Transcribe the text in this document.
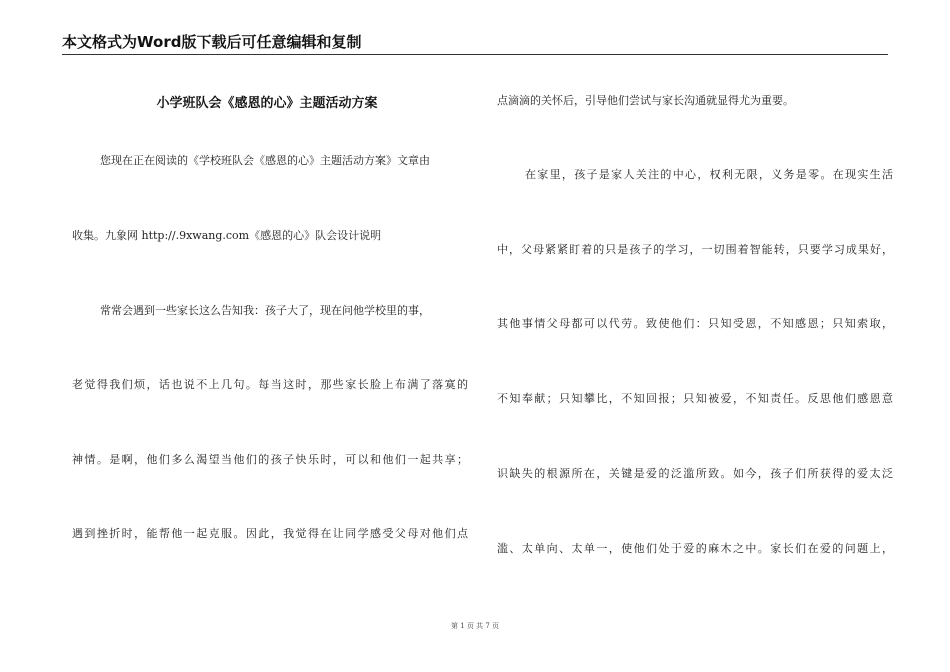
本文格式为Word版下载后可任意编辑和复制
小学班队会《感恩的心》主题活动方案
您现在正在阅读的《学校班队会《感恩的心》主题活动方案》文章由
收集。九象网 http://.9xwang.com《感恩的心》队会设计说明
常常会遇到一些家长这么告知我：孩子大了，现在问他学校里的事，
老觉得我们烦，话也说不上几句。每当这时，那些家长脸上布满了落寞的
神情。是啊，他们多么渴望当他们的孩子快乐时，可以和他们一起共享；
遇到挫折时，能帮他一起克服。因此，我觉得在让同学感受父母对他们点
点滴滴的关怀后，引导他们尝试与家长沟通就显得尤为重要。
在家里，孩子是家人关注的中心，权利无限，义务是零。在现实生活
中，父母紧紧盯着的只是孩子的学习，一切围着智能转，只要学习成果好，
其他事情父母都可以代劳。致使他们：只知受恩，不知感恩；只知索取，
不知奉献；只知攀比，不知回报；只知被爱，不知责任。反思他们感恩意
识缺失的根源所在，关键是爱的泛滥所致。如今，孩子们所获得的爱太泛
滥、太单向、太单一，使他们处于爱的麻木之中。家长们在爱的问题上，
第 1 页 共 7 页
